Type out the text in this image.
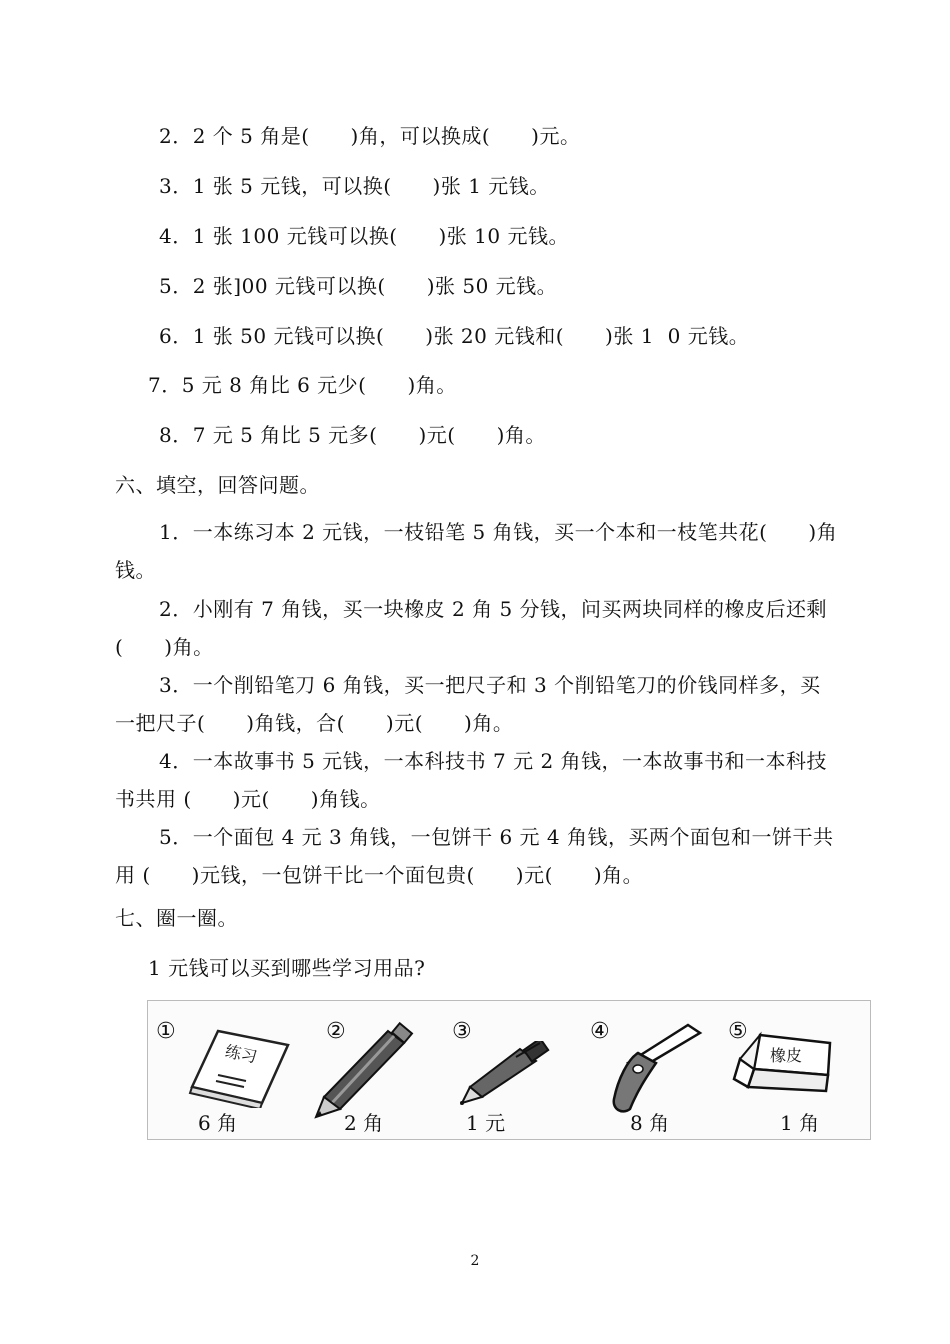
2．2 个 5 角是(　　)角，可以换成(　　)元。
3．1 张 5 元钱，可以换(　　)张 1 元钱。
4．1 张 100 元钱可以换(　　)张 10 元钱。
5．2 张]00 元钱可以换(　　)张 50 元钱。
6．1 张 50 元钱可以换(　　)张 20 元钱和(　　)张 1  0 元钱。
7．5 元 8 角比 6 元少(　　)角。
8．7 元 5 角比 5 元多(　　)元(　　)角。
六、填空，回答问题。
1．一本练习本 2 元钱，一枝铅笔 5 角钱，买一个本和一枝笔共花(　　)角钱。
2．小刚有 7 角钱，买一块橡皮 2 角 5 分钱，问买两块同样的橡皮后还剩(　　)角。
3．一个削铅笔刀 6 角钱，买一把尺子和 3 个削铅笔刀的价钱同样多，买一把尺子(　　)角钱，合(　　)元(　　)角。
4．一本故事书 5 元钱，一本科技书 7 元 2 角钱，一本故事书和一本科技书共用 (　　)元(　　)角钱。
5．一个面包 4 元 3 角钱，一包饼干 6 元 4 角钱，买两个面包和一饼干共用 (　　)元钱，一包饼干比一个面包贵(　　)元(　　)角。
七、圈一圈。
1 元钱可以买到哪些学习用品?
①
练习
6 角
②
2 角
③
1 元
④
8 角
⑤
橡皮
1 角
2
